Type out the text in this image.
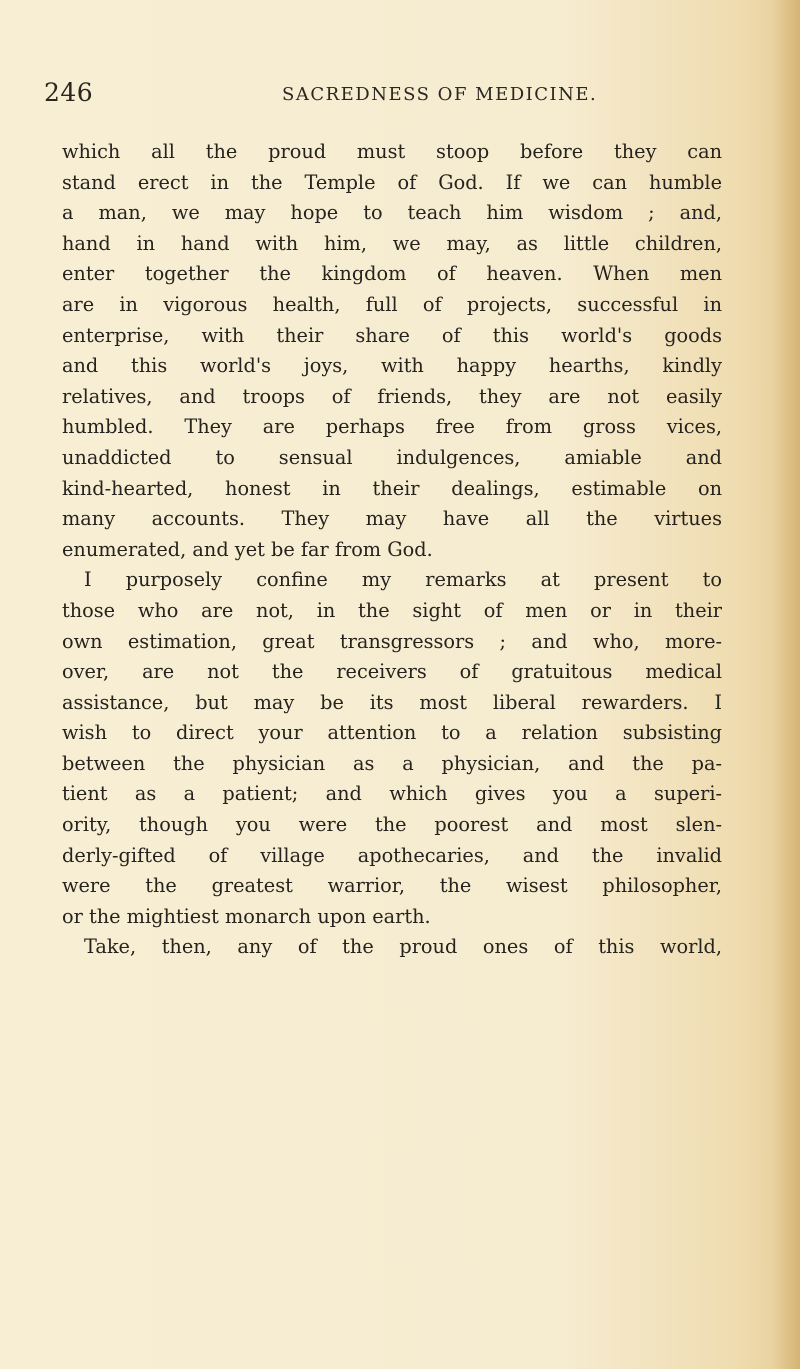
246	SACREDNESS OF MEDICINE.
which all the proud must stoop before they can
stand erect in the Temple of God. If we can humble
a man, we may hope to teach him wisdom ; and,
hand in hand with him, we may, as little children,
enter together the kingdom of heaven. When men
are in vigorous health, full of projects, successful in
enterprise, with their share of this world's goods
and this world's joys, with happy hearths, kindly
relatives, and troops of friends, they are not easily
humbled. They are perhaps free from gross vices,
unaddicted to sensual indulgences, amiable and
kind-hearted, honest in their dealings, estimable on
many accounts. They may have all the virtues
enumerated, and yet be far from God.
I purposely confine my remarks at present to
those who are not, in the sight of men or in their
own estimation, great transgressors ; and who, more-
over, are not the receivers of gratuitous medical
assistance, but may be its most liberal rewarders. I
wish to direct your attention to a relation subsisting
between the physician as a physician, and the pa-
tient as a patient; and which gives you a superi-
ority, though you were the poorest and most slen-
derly-gifted of village apothecaries, and the invalid
were the greatest warrior, the wisest philosopher,
or the mightiest monarch upon earth.
Take, then, any of the proud ones of this world,
